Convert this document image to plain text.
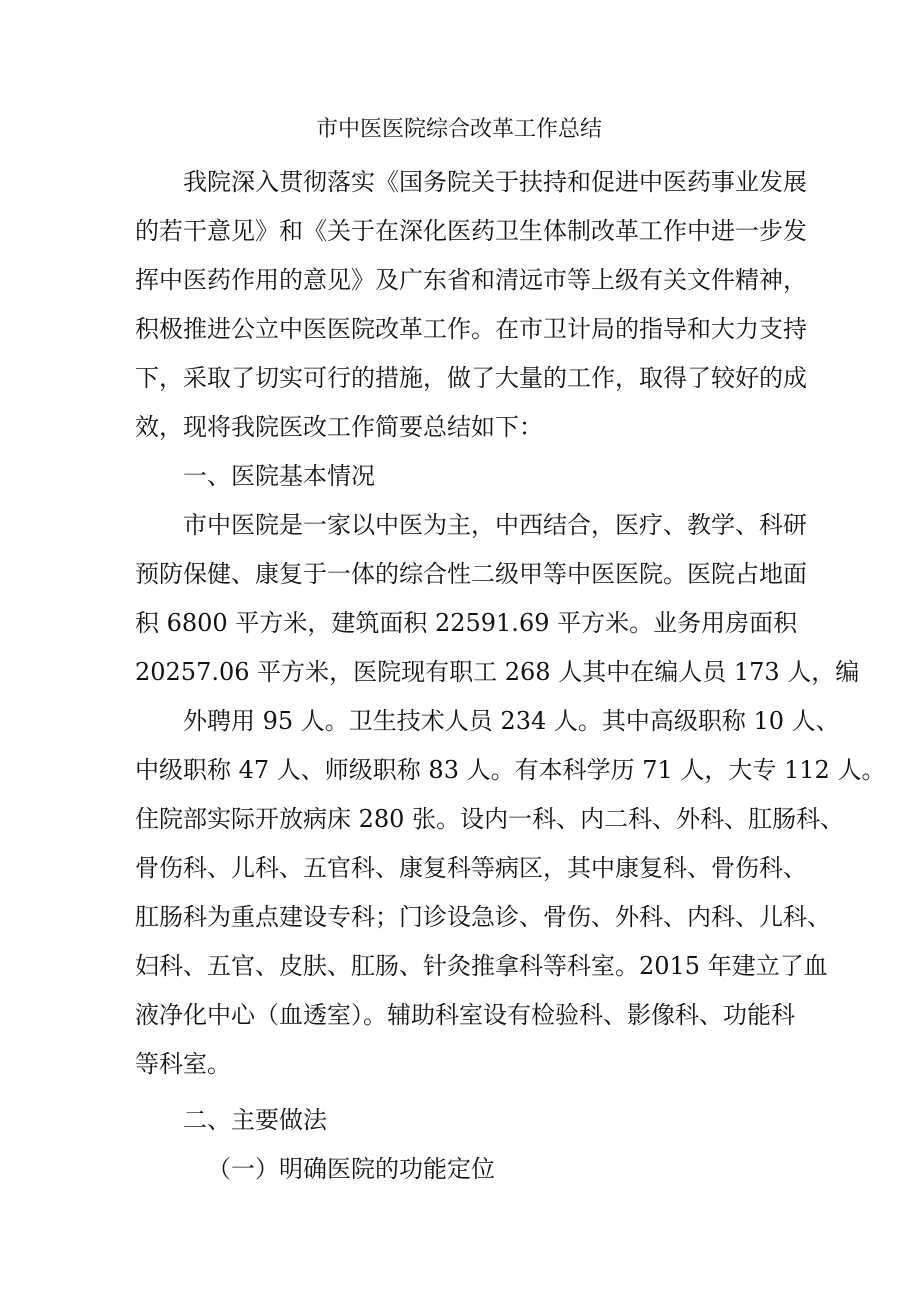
市中医医院综合改革工作总结
我院深入贯彻落实《国务院关于扶持和促进中医药事业发展
的若干意见》和《关于在深化医药卫生体制改革工作中进一步发
挥中医药作用的意见》及广东省和清远市等上级有关文件精神，
积极推进公立中医医院改革工作。在市卫计局的指导和大力支持
下，采取了切实可行的措施，做了大量的工作，取得了较好的成
效，现将我院医改工作简要总结如下：
一、医院基本情况
市中医院是一家以中医为主，中西结合，医疗、教学、科研
预防保健、康复于一体的综合性二级甲等中医医院。医院占地面
积 6800 平方米，建筑面积 22591.69 平方米。业务用房面积
20257.06 平方米，医院现有职工 268 人其中在编人员 173 人，编
外聘用 95 人。卫生技术人员 234 人。其中高级职称 10 人、
中级职称 47 人、师级职称 83 人。有本科学历 71 人，大专 112 人。
住院部实际开放病床 280 张。设内一科、内二科、外科、肛肠科、
骨伤科、儿科、五官科、康复科等病区，其中康复科、骨伤科、
肛肠科为重点建设专科；门诊设急诊、骨伤、外科、内科、儿科、
妇科、五官、皮肤、肛肠、针灸推拿科等科室。2015 年建立了血
液净化中心（血透室）。辅助科室设有检验科、影像科、功能科
等科室。
二、主要做法
（一）明确医院的功能定位
